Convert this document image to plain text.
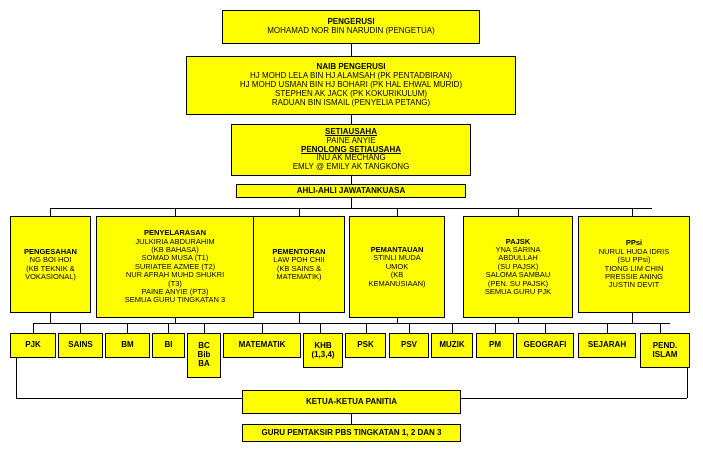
PENGERUSI
MOHAMAD NOR BIN NARUDIN (PENGETUA)
NAIB PENGERUSI
HJ MOHD LELA BIN HJ ALAMSAH (PK PENTADBIRAN)
HJ MOHD USMAN BIN HJ BOHARI (PK HAL EHWAL MURID)
STEPHEN AK JACK (PK KOKURIKULUM)
RADUAN BIN ISMAIL (PENYELIA PETANG)
SETIAUSAHA
PAINE ANYIE
PENOLONG SETIAUSAHA
INU AK MECHANG
EMLY @ EMILY AK TANGKONG
AHLI-AHLI JAWATANKUASA
PENGESAHAN
NG BOI HOI
(KB TEKNIK &
VOKASIONAL)
PENYELARASAN
JULKIRIA ABDURAHIM
(KB BAHASA)
SOMAD MUSA (T1)
SURIATEE AZMEE (T2)
NUR AFRAH MUHD SHUKRI
(T3)
PAINE ANYIE (PT3)
SEMUA GURU TINGKATAN 3
PEMENTORAN
LAW POH CHII
(KB SAINS &
MATEMATIK)
PEMANTAUAN
STINLI MUDA
UMOK
(KB
KEMANUSIAAN)
PAJSK
YNA SARINA
ABDULLAH
(SU PAJSK)
SALOMA SAMBAU
(PEN. SU PAJSK)
SEMUA GURU PJK
PPsi
NURUL HUDA IDRIS
(SU PPsi)
TIONG LIM CHIN
PRESSIE ANING
JUSTIN DEVIT
PJK	SAINS	BM	BI	BC
Bib
BA
MATEMATIK	KHB
(1,3,4)
PSK	PSV	MUZIK	PM	GEOGRAFI	SEJARAH	PEND.
ISLAM
KETUA-KETUA PANITIA
GURU PENTAKSIR PBS TINGKATAN 1, 2 DAN 3
